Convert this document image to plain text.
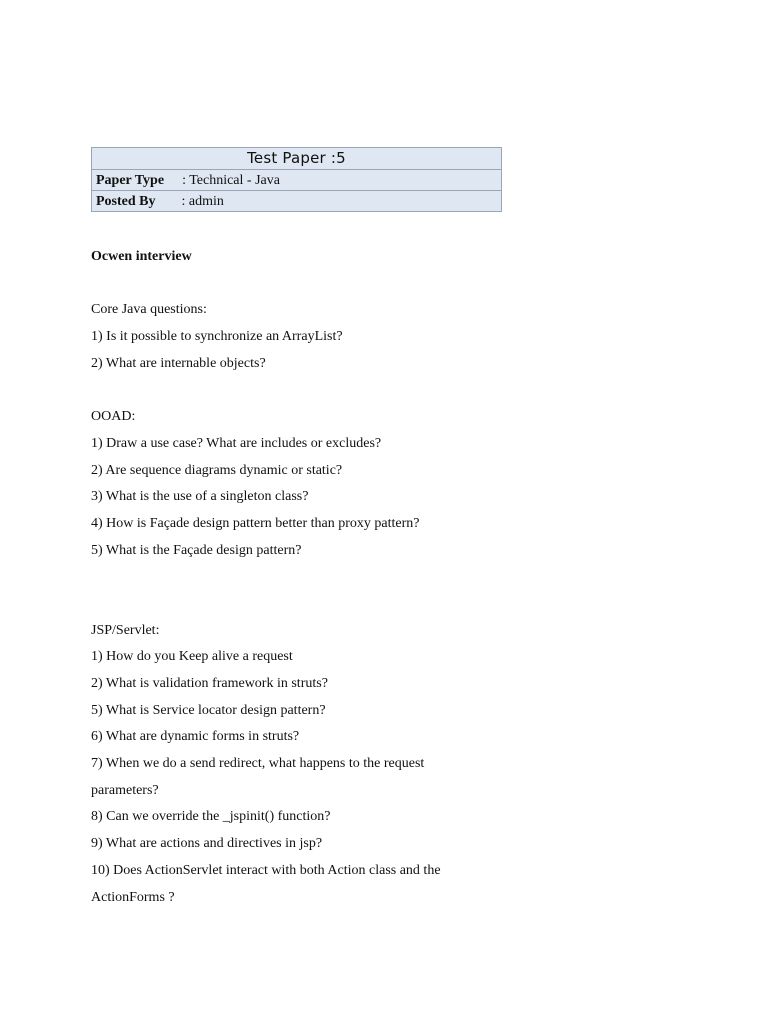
Test Paper :5
Paper Type : Technical - Java
Posted By : admin
Ocwen interview
Core Java questions:
1) Is it possible to synchronize an ArrayList?
2) What are internable objects?
OOAD:
1) Draw a use case? What are includes or excludes?
2) Are sequence diagrams dynamic or static?
3) What is the use of a singleton class?
4) How is Façade design pattern better than proxy pattern?
5) What is the Façade design pattern?
JSP/Servlet:
1) How do you Keep alive a request
2) What is validation framework in struts?
5) What is Service locator design pattern?
6) What are dynamic forms in struts?
7) When we do a send redirect, what happens to the request
parameters?
8) Can we override the _jspinit() function?
9) What are actions and directives in jsp?
10) Does ActionServlet interact with both Action class and the
ActionForms ?
